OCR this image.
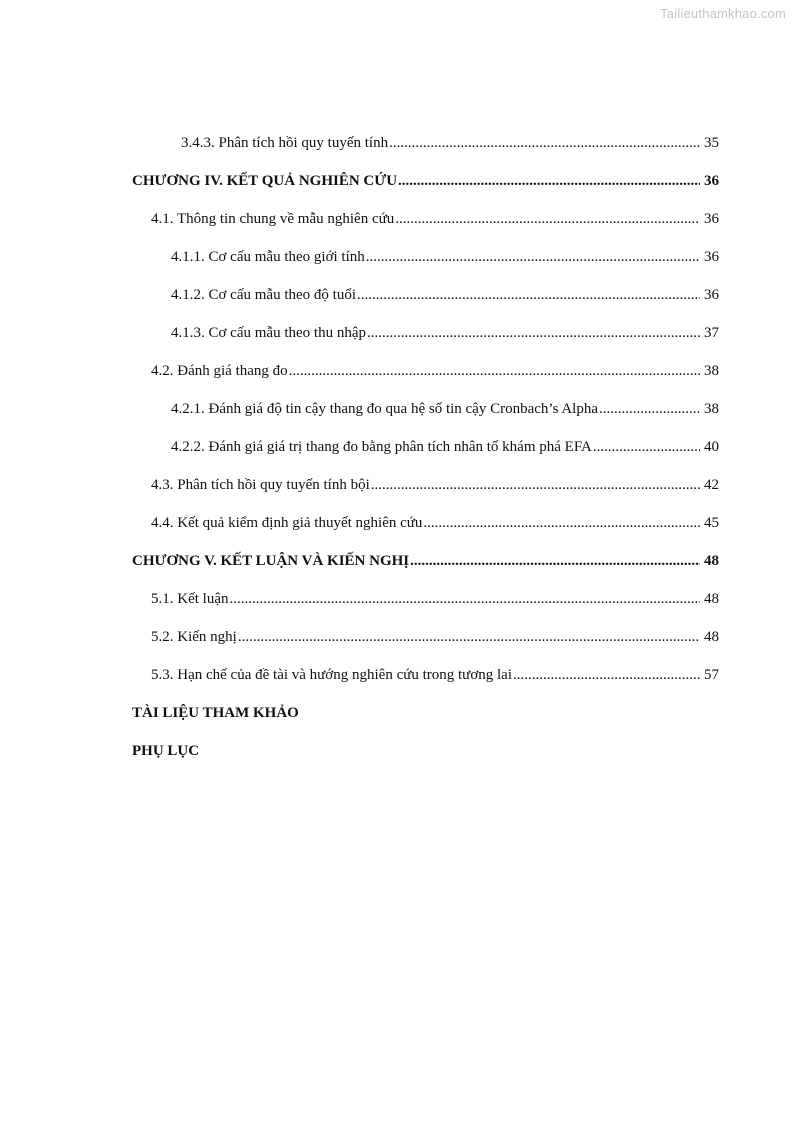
Tailieuthamkhao.com
3.4.3. Phân tích hồi quy tuyến tính .....	35
CHƯƠNG IV. KẾT QUẢ NGHIÊN CỨU .....	36
4.1. Thông tin chung về mẫu nghiên cứu .....	36
4.1.1. Cơ cấu mẫu theo giới tính .....	36
4.1.2. Cơ cấu mẫu theo độ tuổi .....	36
4.1.3. Cơ cấu mẫu theo thu nhập .....	37
4.2. Đánh giá thang đo .....	38
4.2.1. Đánh giá độ tin cậy thang đo qua hệ số tin cậy Cronbach’s Alpha .....	38
4.2.2. Đánh giá giá trị thang đo bằng phân tích nhân tố khám phá EFA .....	40
4.3. Phân tích hồi quy tuyến tính bội .....	42
4.4. Kết quả kiểm định giả thuyết nghiên cứu .....	45
CHƯƠNG V. KẾT LUẬN VÀ KIẾN NGHỊ .....	48
5.1. Kết luận .....	48
5.2. Kiến nghị .....	48
5.3. Hạn chế của đề tài và hướng nghiên cứu trong tương lai .....	57
TÀI LIỆU THAM KHẢO
PHỤ LỤC
